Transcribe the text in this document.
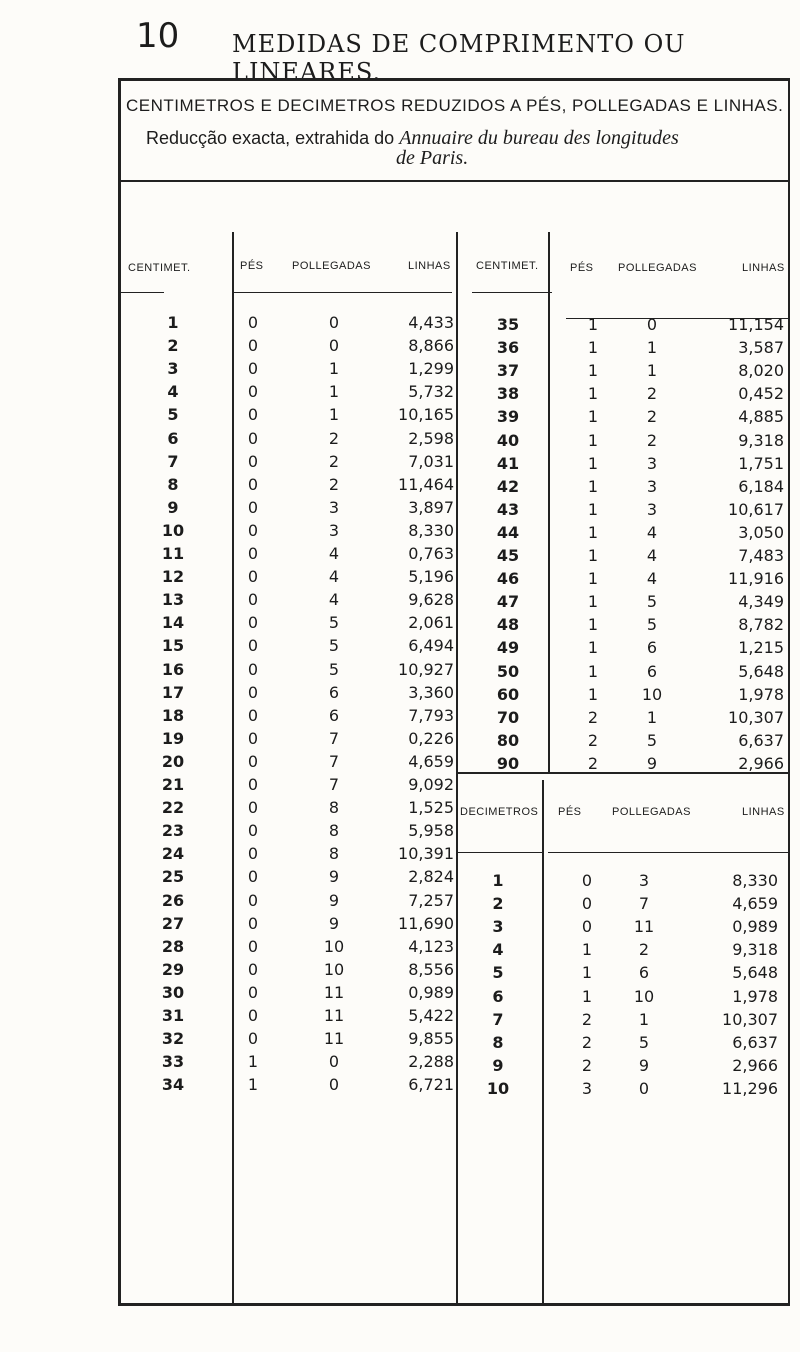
10 MEDIDAS DE COMPRIMENTO OU LINEARES.
CENTIMETROS E DECIMETROS REDUZIDOS A PÉS, POLLEGADAS E LINHAS.
Reducção exacta, extrahida do Annuaire du bureau des longitudes
de Paris.
CENTIMET.	PÉS	POLLEGADAS	LINHAS CENTIMET.	PÉS POLLEGADAS	LINHAS
DECIMETROS PÉS	POLLEGADAS	LINHAS
1	0	0	4,433
2	0	0	8,866
3	0	1	1,299
4	0	1	5,732
5	0	1	10,165
6	0	2	2,598
7	0	2	7,031
8	0	2	11,464
9	0	3	3,897
10	0	3	8,330
11	0	4	0,763
12	0	4	5,196
13	0	4	9,628
14	0	5	2,061
15	0	5	6,494
16	0	5	10,927
17	0	6	3,360
18	0	6	7,793
19	0	7	0,226
20	0	7	4,659
21	0	7	9,092
22	0	8	1,525
23	0	8	5,958
24	0	8	10,391
25	0	9	2,824
26	0	9	7,257
27	0	9	11,690
28	0	10	4,123
29	0	10	8,556
30	0	11	0,989
31	0	11	5,422
32	0	11	9,855
33	1	0	2,288
34	1	0	6,721
35	1	0	11,154
36	1	1	3,587
37	1	1	8,020
38	1	2	0,452
39	1	2	4,885
40	1	2	9,318
41	1	3	1,751
42	1	3	6,184
43	1	3	10,617
44	1	4	3,050
45	1	4	7,483
46	1	4	11,916
47	1	5	4,349
48	1	5	8,782
49	1	6	1,215
50	1	6	5,648
60	1	10	1,978
70	2	1	10,307
80	2	5	6,637
90	2	9	2,966
1	0	3	8,330
2	0	7	4,659
3	0	11	0,989
4	1	2	9,318
5	1	6	5,648
6	1	10	1,978
7	2	1	10,307
8	2	5	6,637
9	2	9	2,966
10	3	0	11,296
